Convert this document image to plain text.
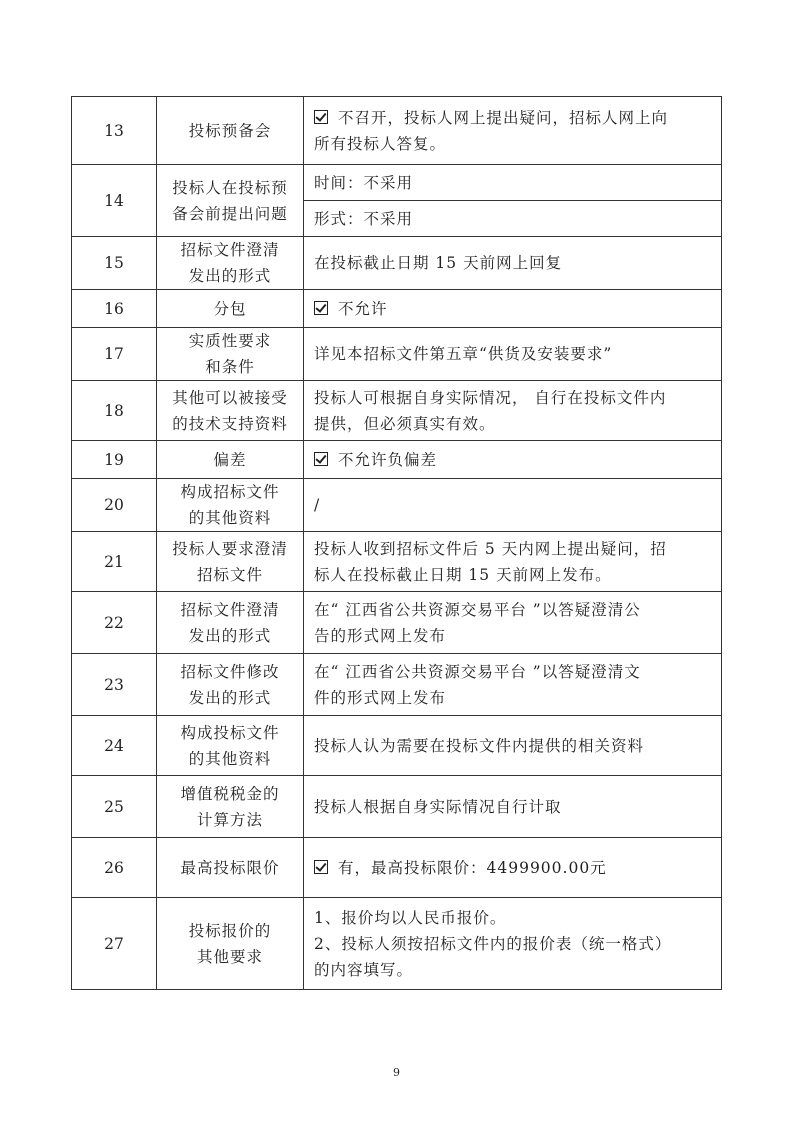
13	投标预备会	不召开，投标人网上提出疑问，招标人网上向
所有投标人答复。

14	投标人在投标预
备会前提出问题	时间：不采用

		形式：不采用

15	招标文件澄清
发出的形式	在投标截止日期 15 天前网上回复

16	分包	不允许

17	实质性要求
和条件	详见本招标文件第五章“供货及安装要求”

18	其他可以被接受
的技术支持资料	投标人可根据自身实际情况， 自行在投标文件内
提供，但必须真实有效。

19	偏差	不允许负偏差

20	构成招标文件
的其他资料	/

21	投标人要求澄清
招标文件	投标人收到招标文件后 5 天内网上提出疑问，招
标人在投标截止日期 15 天前网上发布。

22	招标文件澄清
发出的形式	在“ 江西省公共资源交易平台 ”以答疑澄清公
告的形式网上发布

23	招标文件修改
发出的形式	在“ 江西省公共资源交易平台 ”以答疑澄清文
件的形式网上发布

24	构成投标文件
的其他资料	投标人认为需要在投标文件内提供的相关资料

25	增值税税金的
计算方法	投标人根据自身实际情况自行计取

26	最高投标限价	有，最高投标限价：4499900.00元

27	投标报价的
其他要求	1、报价均以人民币报价。
2、投标人须按招标文件内的报价表（统一格式）
的内容填写。
9
